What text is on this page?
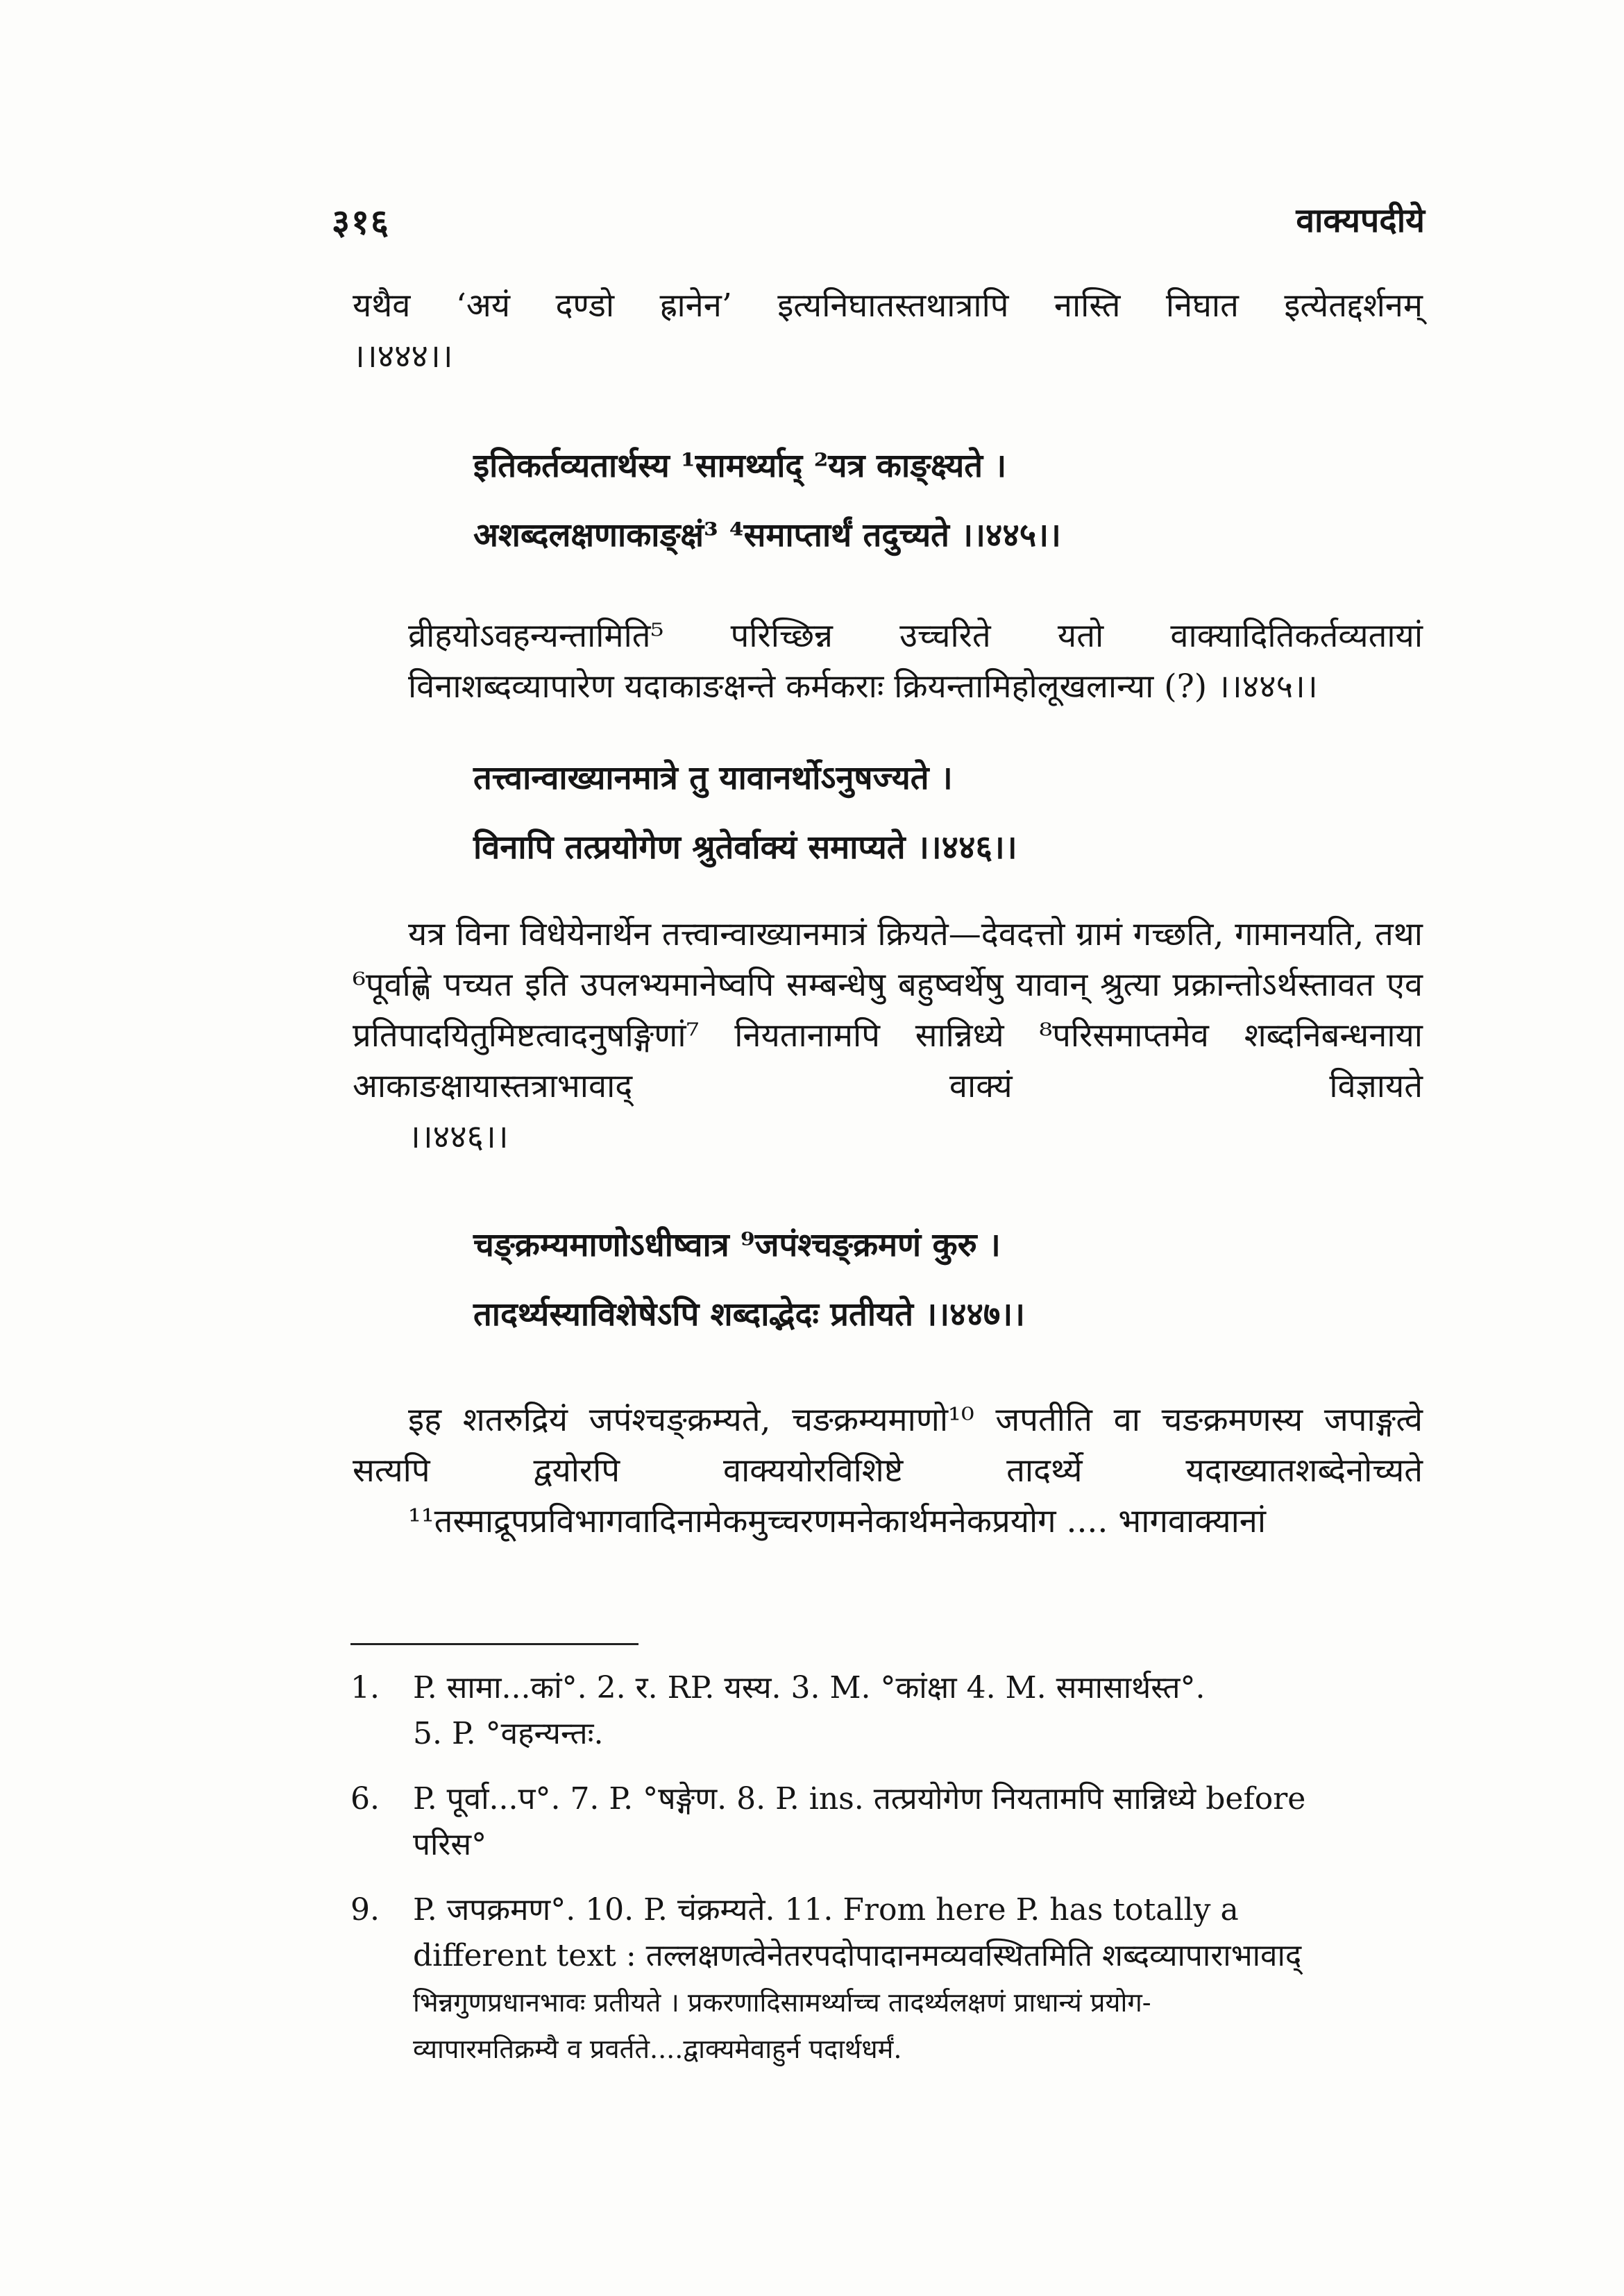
३१६	वाक्यपदीये
यथैव ‘अयं दण्डो ह्रानेन’ इत्यनिघातस्तथात्रापि नास्ति निघात इत्येतद्दर्शनम्
।।४४४।।
इतिकर्तव्यतार्थस्य ¹सामर्थ्याद् ²यत्र काङ्क्ष्यते ।
अशब्दलक्षणाकाङ्क्षं³ ⁴समाप्तार्थं तदुच्यते ।।४४५।।
व्रीहयोऽवहन्यन्तामिति⁵ परिच्छिन्न उच्चरिते यतो वाक्यादितिकर्तव्यतायां
विनाशब्दव्यापारेण यदाकाङक्षन्ते कर्मकराः क्रियन्तामिहोलूखलान्या (?) ।।४४५।।
तत्त्वान्वाख्यानमात्रे तु यावानर्थोऽनुषज्यते ।
विनापि तत्प्रयोगेण श्रुतेर्वाक्यं समाप्यते ।।४४६।।
यत्र विना विधेयेनार्थेन तत्त्वान्वाख्यानमात्रं क्रियते—देवदत्तो ग्रामं गच्छति, गामानयति, तथा ⁶पूर्वाह्णे पच्यत इति उपलभ्यमानेष्वपि सम्बन्धेषु बहुष्वर्थेषु यावान् श्रुत्या प्रक्रान्तोऽर्थस्तावत एव प्रतिपादयितुमिष्टत्वादनुषङ्गिणां⁷ नियतानामपि सान्निध्ये ⁸परिसमाप्तमेव शब्दनिबन्धनाया आकाङक्षायास्तत्राभावाद् वाक्यं विज्ञायते
।।४४६।।
चङ्क्रम्यमाणोऽधीष्वात्र ⁹जपंश्चङ्क्रमणं कुरु ।
तादर्थ्यस्याविशेषेऽपि शब्दाद्भेदः प्रतीयते ।।४४७।।
इह शतरुद्रियं जपंश्चङ्क्रम्यते, चङक्रम्यमाणो¹⁰ जपतीति वा चङक्रमणस्य जपाङ्गत्वे सत्यपि द्वयोरपि वाक्ययोरविशिष्टे तादर्थ्ये यदाख्यातशब्देनोच्यते
¹¹तस्माद्रूपप्रविभागवादिनामेकमुच्चरणमनेकार्थमनेकप्रयोग .... भागवाक्यानां
1. P. सामा...कां°. 2. र. RP. यस्य. 3. M. °कांक्षा 4. M. समासार्थस्त°.
5. P. °वहन्यन्तः.
6. P. पूर्वा...प°. 7. P. °षङ्गेण. 8. P. ins. तत्प्रयोगेण नियतामपि सान्निध्ये before
परिस°
9. P. जपक्रमण°. 10. P. चंक्रम्यते. 11. From here P. has totally a
different text : तल्लक्षणत्वेनेतरपदोपादानमव्यवस्थितमिति शब्दव्यापाराभावाद्
भिन्नगुणप्रधानभावः प्रतीयते । प्रकरणादिसामर्थ्याच्च तादर्थ्यलक्षणं प्राधान्यं प्रयोग-
व्यापारमतिक्रम्यै व प्रवर्तते....द्वाक्यमेवाहुर्न पदार्थधर्मं.
